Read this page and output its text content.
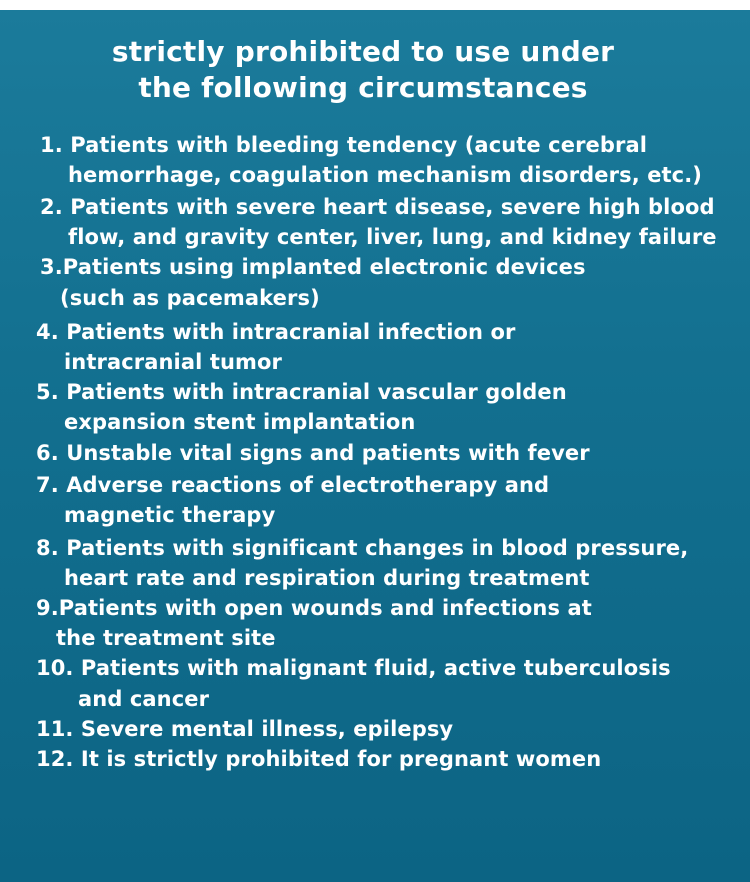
strictly prohibited to use under
the following circumstances
1. Patients with bleeding tendency (acute cerebral
hemorrhage, coagulation mechanism disorders, etc.)
2. Patients with severe heart disease, severe high blood
flow, and gravity center, liver, lung, and kidney failure
3.Patients using implanted electronic devices
(such as pacemakers)
4. Patients with intracranial infection or
intracranial tumor
5. Patients with intracranial vascular golden
expansion stent implantation
6. Unstable vital signs and patients with fever
7. Adverse reactions of electrotherapy and
magnetic therapy
8. Patients with significant changes in blood pressure,
heart rate and respiration during treatment
9.Patients with open wounds and infections at
the treatment site
10. Patients with malignant fluid, active tuberculosis
and cancer
11. Severe mental illness, epilepsy
12. It is strictly prohibited for pregnant women
